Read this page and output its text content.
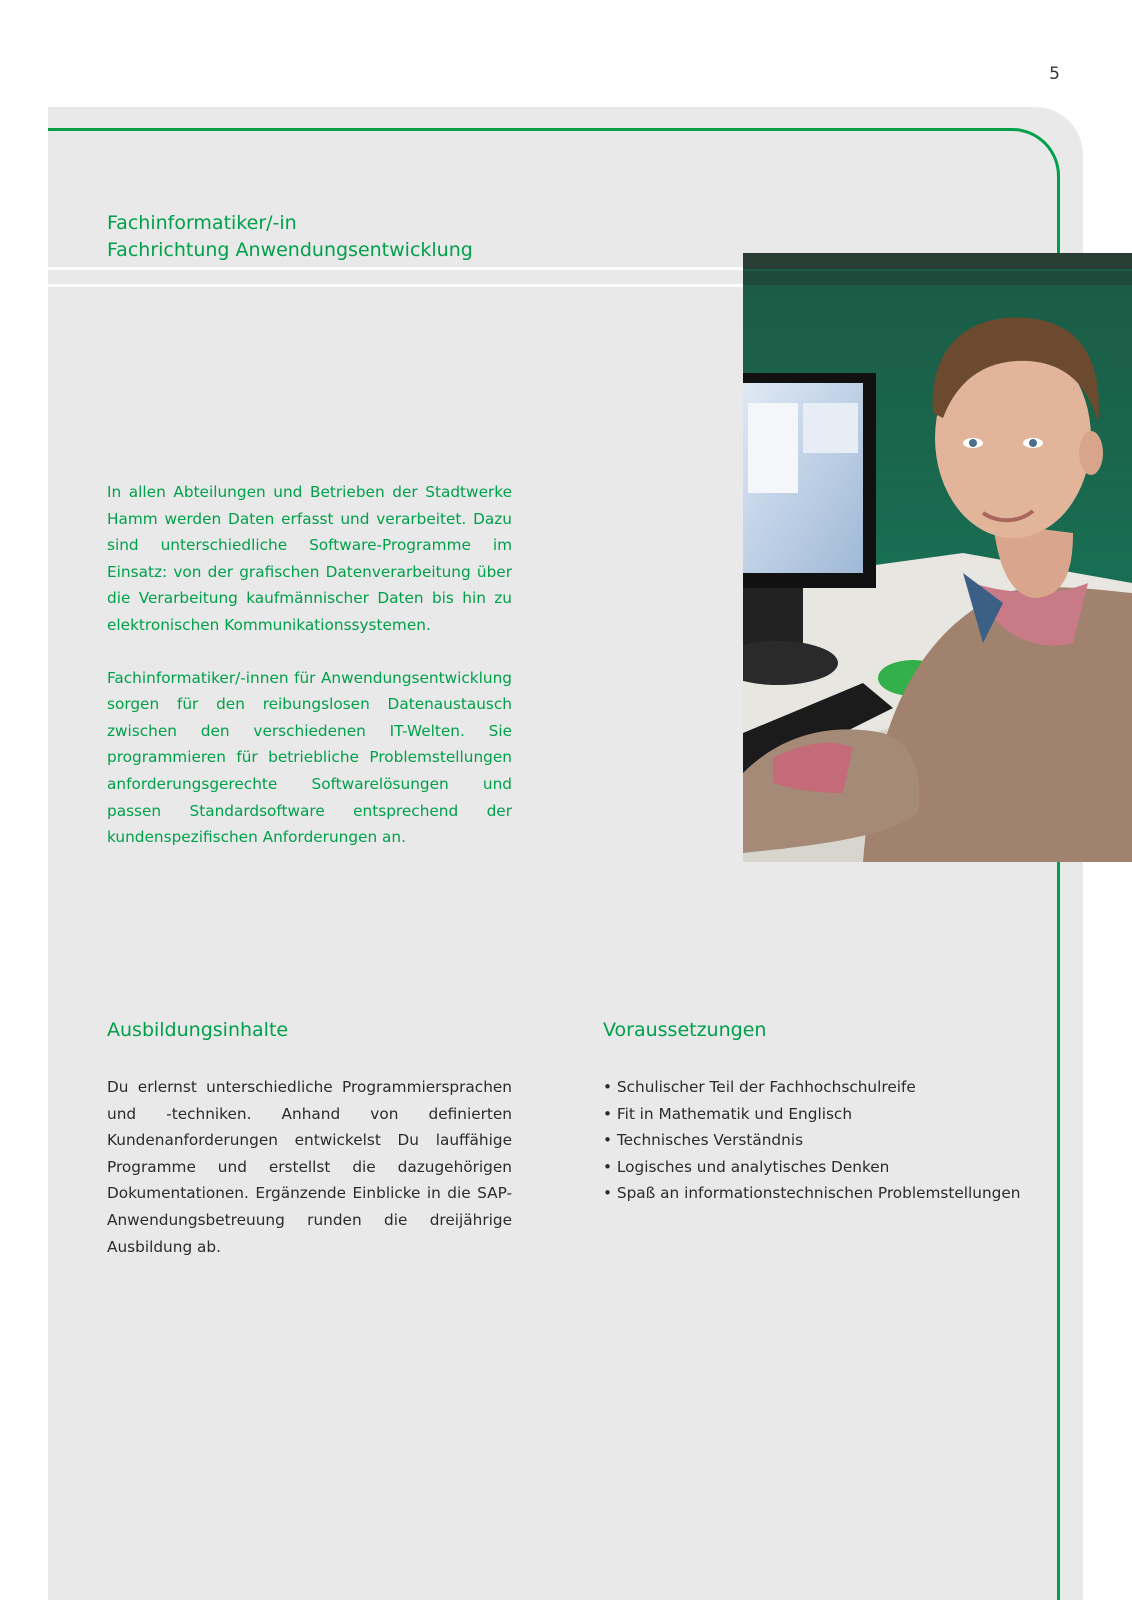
5
Fachinformatiker/-in
Fachrichtung Anwendungsentwicklung

In allen Abteilungen und Betrieben der Stadtwerke Hamm werden Daten erfasst und verarbeitet. Dazu sind unterschiedliche Software-Programme im Einsatz: von der grafischen Datenverarbeitung über die Verarbeitung kaufmännischer Daten bis hin zu elektronischen Kommunikationssystemen.

Fachinformatiker/-innen für Anwendungsentwicklung sorgen für den reibungslosen Datenaustausch zwischen den verschiedenen IT-Welten. Sie programmieren für betriebliche Problemstellungen anforderungsgerechte Softwarelösungen und passen Standardsoftware entsprechend der kundenspezifischen Anforderungen an.

Ausbildungsinhalte

Du erlernst unterschiedliche Programmiersprachen und -techniken. Anhand von definierten Kundenanforderungen entwickelst Du lauffähige Programme und erstellst die dazugehörigen Dokumentationen. Ergänzende Einblicke in die SAP-Anwendungsbetreuung runden die dreijährige Ausbildung ab.

Voraussetzungen
• Schulischer Teil der Fachhochschulreife
• Fit in Mathematik und Englisch
• Technisches Verständnis
• Logisches und analytisches Denken
• Spaß an informationstechnischen Problemstellungen
